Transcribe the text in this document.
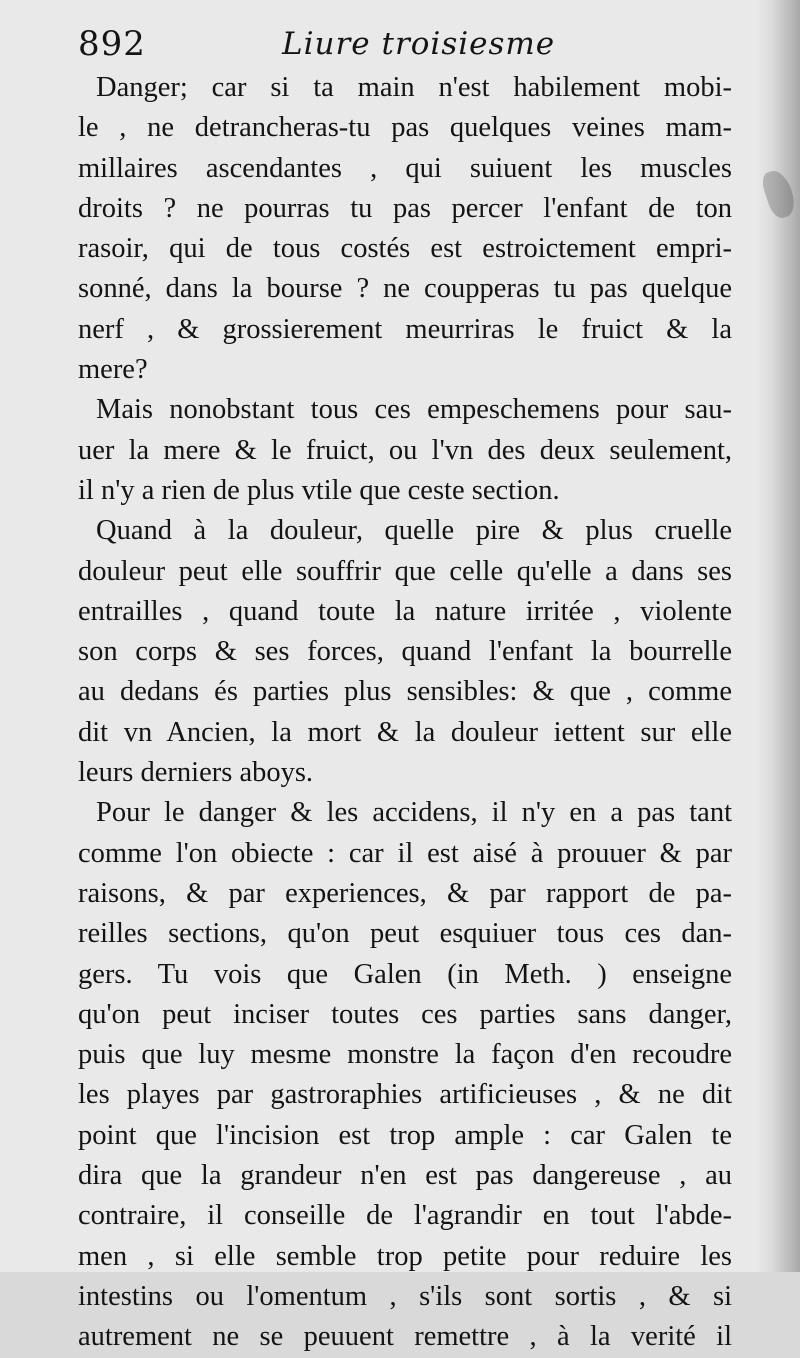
892	Liure troisiesme
Danger; car si ta main n'est habilement mobi-
le , ne detrancheras-tu pas quelques veines mam-
millaires ascendantes , qui suiuent les muscles
droits ? ne pourras tu pas percer l'enfant de ton
rasoir, qui de tous costés est estroictement empri-
sonné, dans la bourse ? ne coupperas tu pas quelque
nerf , & grossierement meurriras le fruict & la
mere?
Mais nonobstant tous ces empeschemens pour sau-
uer la mere & le fruict, ou l'vn des deux seulement,
il n'y a rien de plus vtile que ceste section.
Quand à la douleur, quelle pire & plus cruelle
douleur peut elle souffrir que celle qu'elle a dans ses
entrailles , quand toute la nature irritée , violente
son corps & ses forces, quand l'enfant la bourrelle
au dedans és parties plus sensibles: & que , comme
dit vn Ancien, la mort & la douleur iettent sur elle
leurs derniers aboys.
Pour le danger & les accidens, il n'y en a pas tant
comme l'on obiecte : car il est aisé à prouuer & par
raisons, & par experiences, & par rapport de pa-
reilles sections, qu'on peut esquiuer tous ces dan-
gers. Tu vois que Galen (in Meth. ) enseigne
qu'on peut inciser toutes ces parties sans danger,
puis que luy mesme monstre la façon d'en recoudre
les playes par gastroraphies artificieuses , & ne dit
point que l'incision est trop ample : car Galen te
dira que la grandeur n'en est pas dangereuse , au
contraire, il conseille de l'agrandir en tout l'abde-
men , si elle semble trop petite pour reduire les
intestins ou l'omentum , s'ils sont sortis , & si
autrement ne se peuuent remettre , à la verité il
